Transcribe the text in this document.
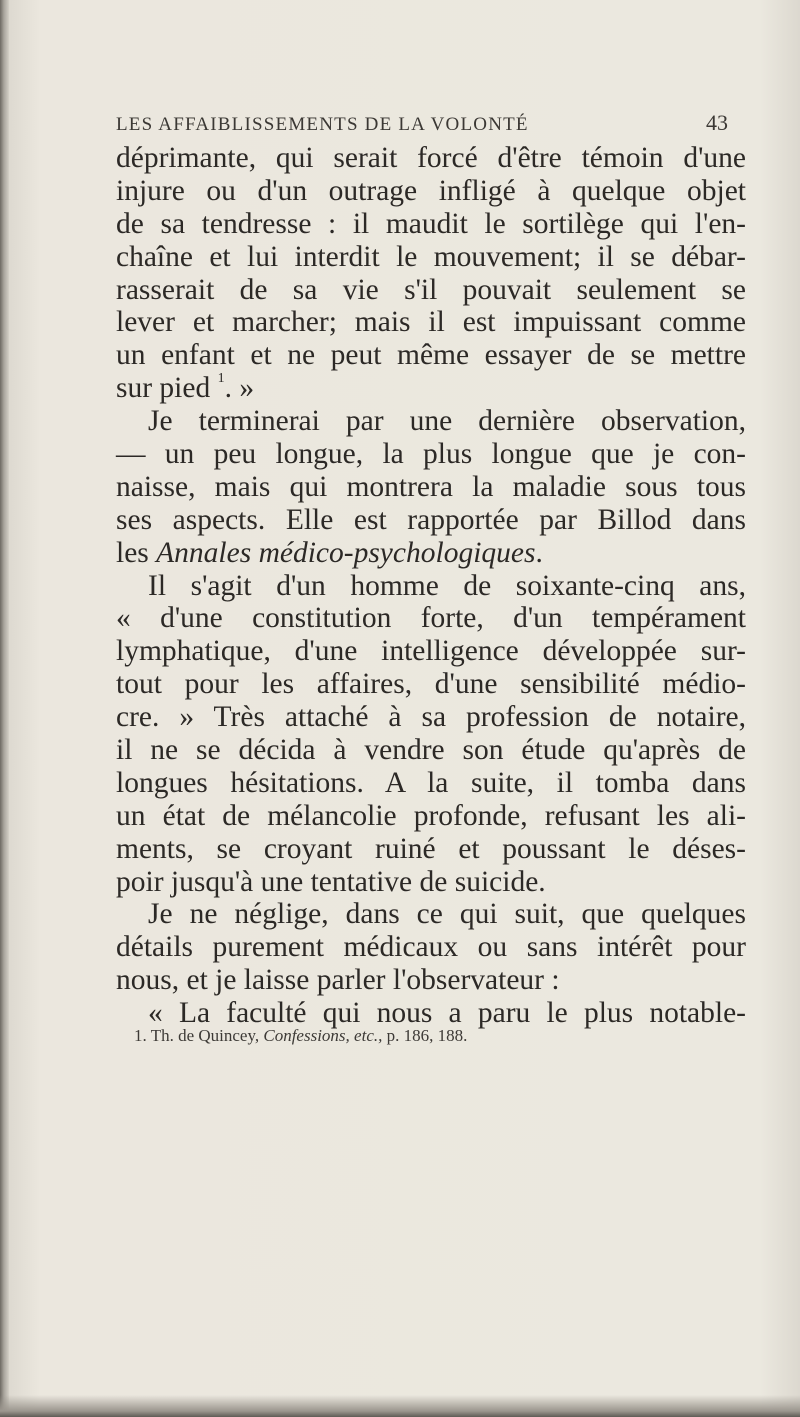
LES AFFAIBLISSEMENTS DE LA VOLONTÉ	43
déprimante, qui serait forcé d'être témoin d'une
injure ou d'un outrage infligé à quelque objet
de sa tendresse : il maudit le sortilège qui l'en-
chaîne et lui interdit le mouvement; il se débar-
rasserait de sa vie s'il pouvait seulement se
lever et marcher; mais il est impuissant comme
un enfant et ne peut même essayer de se mettre
sur pied $^1$. »
Je terminerai par une dernière observation,
— un peu longue, la plus longue que je con-
naisse, mais qui montrera la maladie sous tous
ses aspects. Elle est rapportée par Billod dans
les Annales médico-psychologiques.
Il s'agit d'un homme de soixante-cinq ans,
« d'une constitution forte, d'un tempérament
lymphatique, d'une intelligence développée sur-
tout pour les affaires, d'une sensibilité médio-
cre. » Très attaché à sa profession de notaire,
il ne se décida à vendre son étude qu'après de
longues hésitations. A la suite, il tomba dans
un état de mélancolie profonde, refusant les ali-
ments, se croyant ruiné et poussant le déses-
poir jusqu'à une tentative de suicide.
Je ne néglige, dans ce qui suit, que quelques
détails purement médicaux ou sans intérêt pour
nous, et je laisse parler l'observateur :
« La faculté qui nous a paru le plus notable-
1. Th. de Quincey, Confessions, etc., p. 186, 188.
